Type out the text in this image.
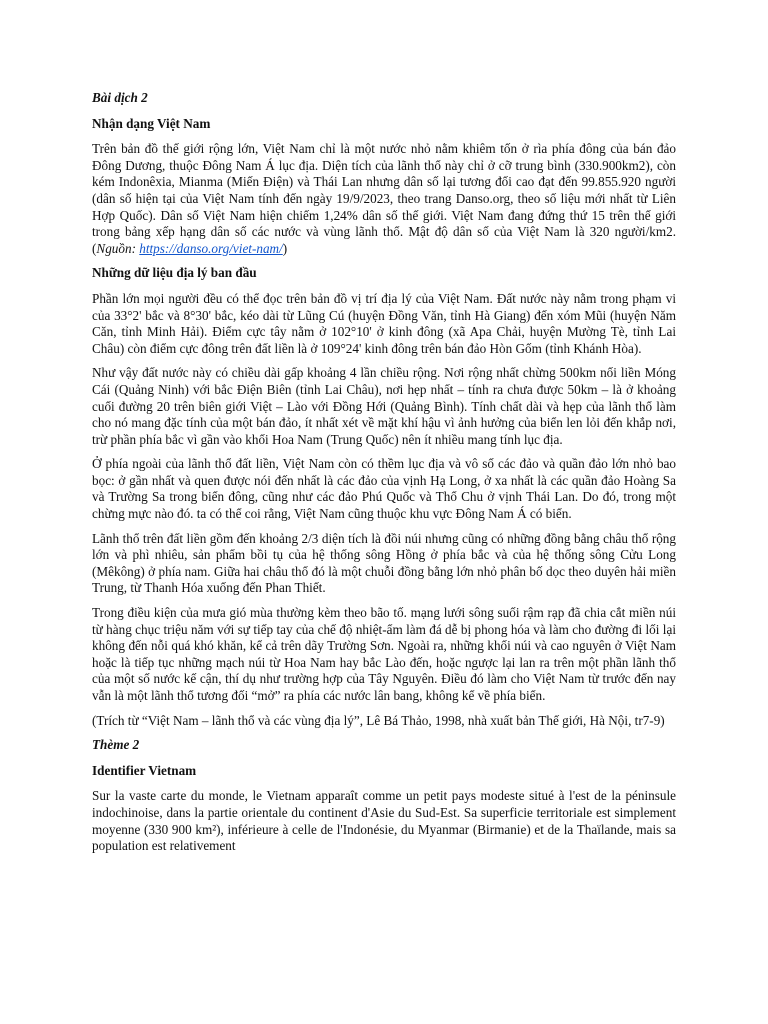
Bài dịch 2
Nhận dạng Việt Nam

Trên bản đồ thế giới rộng lớn, Việt Nam chỉ là một nước nhỏ nằm khiêm tốn ở rìa phía đông của bán đảo Đông Dương, thuộc Đông Nam Á lục địa. Diện tích của lãnh thổ này chỉ ở cỡ trung bình (330.900km2), còn kém Indonêxia, Mianma (Miến Điện) và Thái Lan nhưng dân số lại tương đối cao đạt đến 99.855.920 người (dân số hiện tại của Việt Nam tính đến ngày 19/9/2023, theo trang Danso.org, theo số liệu mới nhất từ Liên Hợp Quốc). Dân số Việt Nam hiện chiếm 1,24% dân số thế giới. Việt Nam đang đứng thứ 15 trên thế giới trong bảng xếp hạng dân số các nước và vùng lãnh thổ. Mật độ dân số của Việt Nam là 320 người/km2. (Nguồn: https://danso.org/viet-nam/)

Những dữ liệu địa lý ban đầu

Phần lớn mọi người đều có thể đọc trên bản đồ vị trí địa lý của Việt Nam. Đất nước này nằm trong phạm vi của 33°2' bắc và 8°30' bắc, kéo dài từ Lũng Cú (huyện Đồng Văn, tỉnh Hà Giang) đến xóm Mũi (huyện Năm Căn, tỉnh Minh Hải). Điểm cực tây nằm ở 102°10' ở kinh đông (xã Apa Chải, huyện Mường Tè, tỉnh Lai Châu) còn điểm cực đông trên đất liền là ở 109°24' kinh đông trên bán đảo Hòn Gốm (tỉnh Khánh Hòa).

Như vậy đất nước này có chiều dài gấp khoảng 4 lần chiều rộng. Nơi rộng nhất chừng 500km nối liền Móng Cái (Quảng Ninh) với bắc Điện Biên (tỉnh Lai Châu), nơi hẹp nhất – tính ra chưa được 50km – là ở khoảng cuối đường 20 trên biên giới Việt – Lào với Đồng Hới (Quảng Bình). Tính chất dài và hẹp của lãnh thổ làm cho nó mang đặc tính của một bán đảo, ít nhất xét về mặt khí hậu vì ảnh hưởng của biển len lỏi đến khắp nơi, trừ phần phía bắc vì gần vào khối Hoa Nam (Trung Quốc) nên ít nhiều mang tính lục địa.

Ở phía ngoài của lãnh thổ đất liền, Việt Nam còn có thềm lục địa và vô số các đảo và quần đảo lớn nhỏ bao bọc: ở gần nhất và quen được nói đến nhất là các đảo của vịnh Hạ Long, ở xa nhất là các quần đảo Hoàng Sa và Trường Sa trong biển đông, cũng như các đảo Phú Quốc và Thổ Chu ở vịnh Thái Lan. Do đó, trong một chừng mực nào đó. ta có thể coi rằng, Việt Nam cũng thuộc khu vực Đông Nam Á có biển.

Lãnh thổ trên đất liền gồm đến khoảng 2/3 diện tích là đồi núi nhưng cũng có những đồng bằng châu thổ rộng lớn và phì nhiêu, sản phẩm bồi tụ của hệ thống sông Hồng ở phía bắc và của hệ thống sông Cửu Long (Mêkông) ở phía nam. Giữa hai châu thổ đó là một chuỗi đồng bằng lớn nhỏ phân bố dọc theo duyên hải miền Trung, từ Thanh Hóa xuống đến Phan Thiết.

Trong điều kiện của mưa gió mùa thường kèm theo bão tố. mạng lưới sông suối rậm rạp đã chia cắt miền núi từ hàng chục triệu năm với sự tiếp tay của chế độ nhiệt-ẩm làm đá dễ bị phong hóa và làm cho đường đi lối lại không đến nỗi quá khó khăn, kể cả trên dãy Trường Sơn. Ngoài ra, những khối núi và cao nguyên ở Việt Nam hoặc là tiếp tục những mạch núi từ Hoa Nam hay bắc Lào đến, hoặc ngược lại lan ra trên một phần lãnh thổ của một số nước kế cận, thí dụ như trường hợp của Tây Nguyên. Điều đó làm cho Việt Nam từ trước đến nay vẫn là một lãnh thổ tương đối “mở” ra phía các nước lân bang, không kể về phía biển.

(Trích từ “Việt Nam – lãnh thổ và các vùng địa lý”, Lê Bá Thảo, 1998, nhà xuất bản Thế giới, Hà Nội, tr7-9)

Thème 2
Identifier Vietnam

Sur la vaste carte du monde, le Vietnam apparaît comme un petit pays modeste situé à l'est de la péninsule indochinoise, dans la partie orientale du continent d'Asie du Sud-Est. Sa superficie territoriale est simplement moyenne (330 900 km²), inférieure à celle de l'Indonésie, du Myanmar (Birmanie) et de la Thaïlande, mais sa population est relativement
